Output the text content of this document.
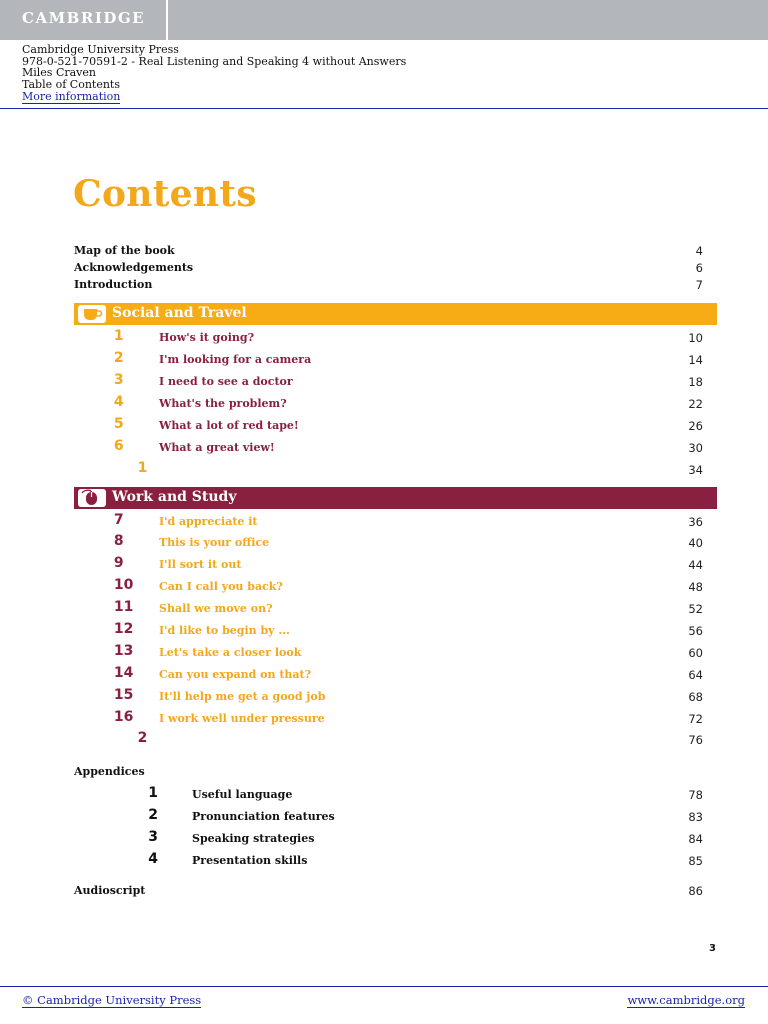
CAMBRIDGE
Cambridge University Press
978-0-521-70591-2 - Real Listening and Speaking 4 without Answers
Miles Craven
Table of Contents
More information
Contents
Map of the book	4
Acknowledgements	6
Introduction	7
Social and Travel
Unit1	How's it going?	10
Unit2	I'm looking for a camera	14
Unit3	I need to see a doctor	18
Unit4	What's the problem?	22
Unit5	What a lot of red tape!	26
Unit6	What a great view!	30
Review1	34
Work and Study
Unit7	I'd appreciate it	36
Unit8	This is your office	40
Unit9	I'll sort it out	44
Unit10 Can I call you back?	48
Unit11 Shall we move on?	52
Unit12 I'd like to begin by ...	56
Unit13 Let's take a closer look	60
Unit14 Can you expand on that?	64
Unit15 It'll help me get a good job	68
Unit16 I work well under pressure	72
Review2	76
Appendices
Appendix1	Useful language	78
Appendix2	Pronunciation features	83
Appendix3	Speaking strategies	84
Appendix4	Presentation skills	85
Audioscript	86
3
© Cambridge University Press	www.cambridge.org
